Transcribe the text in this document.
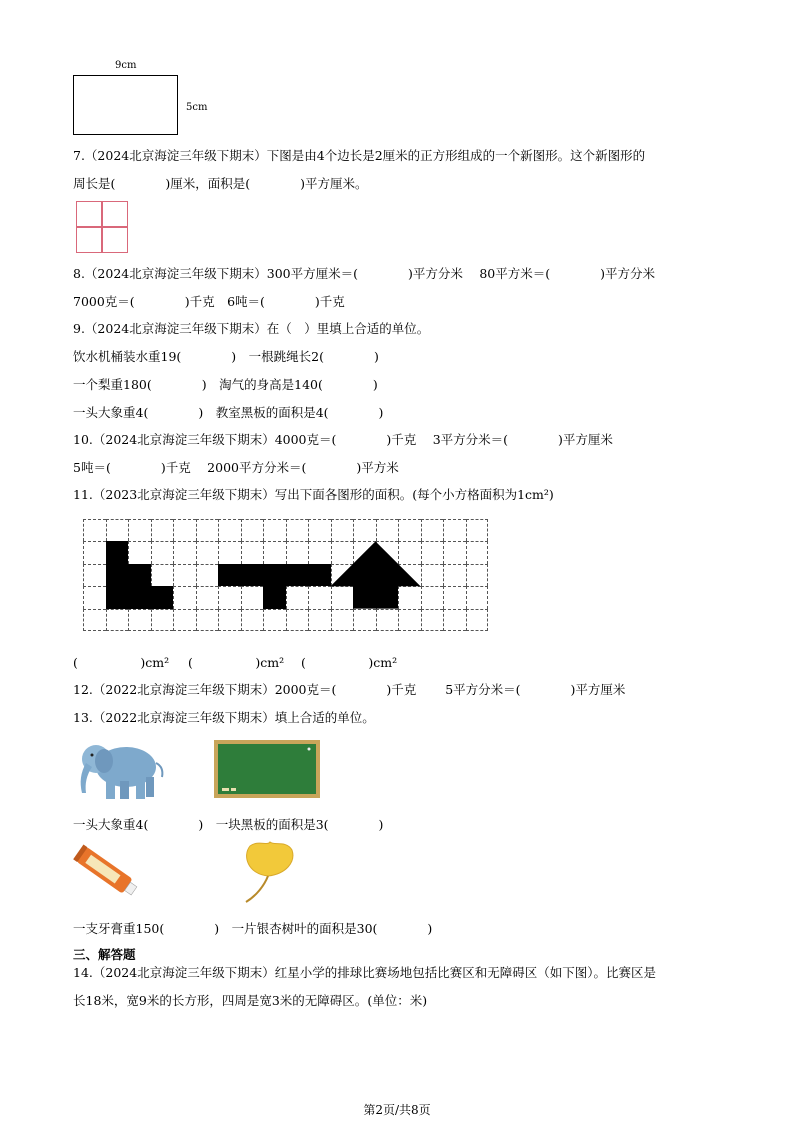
9cm
5cm
7.（2024北京海淀三年级下期末）下图是由4个边长是2厘米的正方形组成的一个新图形。这个新图形的
周长是(　　　　)厘米，面积是(　　　　)平方厘米。
8.（2024北京海淀三年级下期末）300平方厘米＝(　　　　)平方分米　 80平方米＝(　　　　)平方分米
7000克＝(　　　　)千克　6吨＝(　　　　)千克
9.（2024北京海淀三年级下期末）在（　）里填上合适的单位。
饮水机桶装水重19(　　　　)　一根跳绳长2(　　　　)
一个梨重180(　　　　)　淘气的身高是140(　　　　)
一头大象重4(　　　　)　教室黑板的面积是4(　　　　)
10.（2024北京海淀三年级下期末）4000克＝(　　　　)千克　 3平方分米＝(　　　　)平方厘米
5吨＝(　　　　)千克　 2000平方分米＝(　　　　)平方米
11.（2023北京海淀三年级下期末）写出下面各图形的面积。(每个小方格面积为1cm²)
(　　　　　)cm² (　　　　　)cm² (　　　　　)cm²
12.（2022北京海淀三年级下期末）2000克＝(　　　　)千克　　 5平方分米＝(　　　　)平方厘米
13.（2022北京海淀三年级下期末）填上合适的单位。
一头大象重4(　　　　)　一块黑板的面积是3(　　　　)
一支牙膏重150(　　　　)　一片银杏树叶的面积是30(　　　　)
三、解答题
14.（2024北京海淀三年级下期末）红星小学的排球比赛场地包括比赛区和无障碍区（如下图）。比赛区是
长18米，宽9米的长方形，四周是宽3米的无障碍区。(单位：米)
第2页/共8页
